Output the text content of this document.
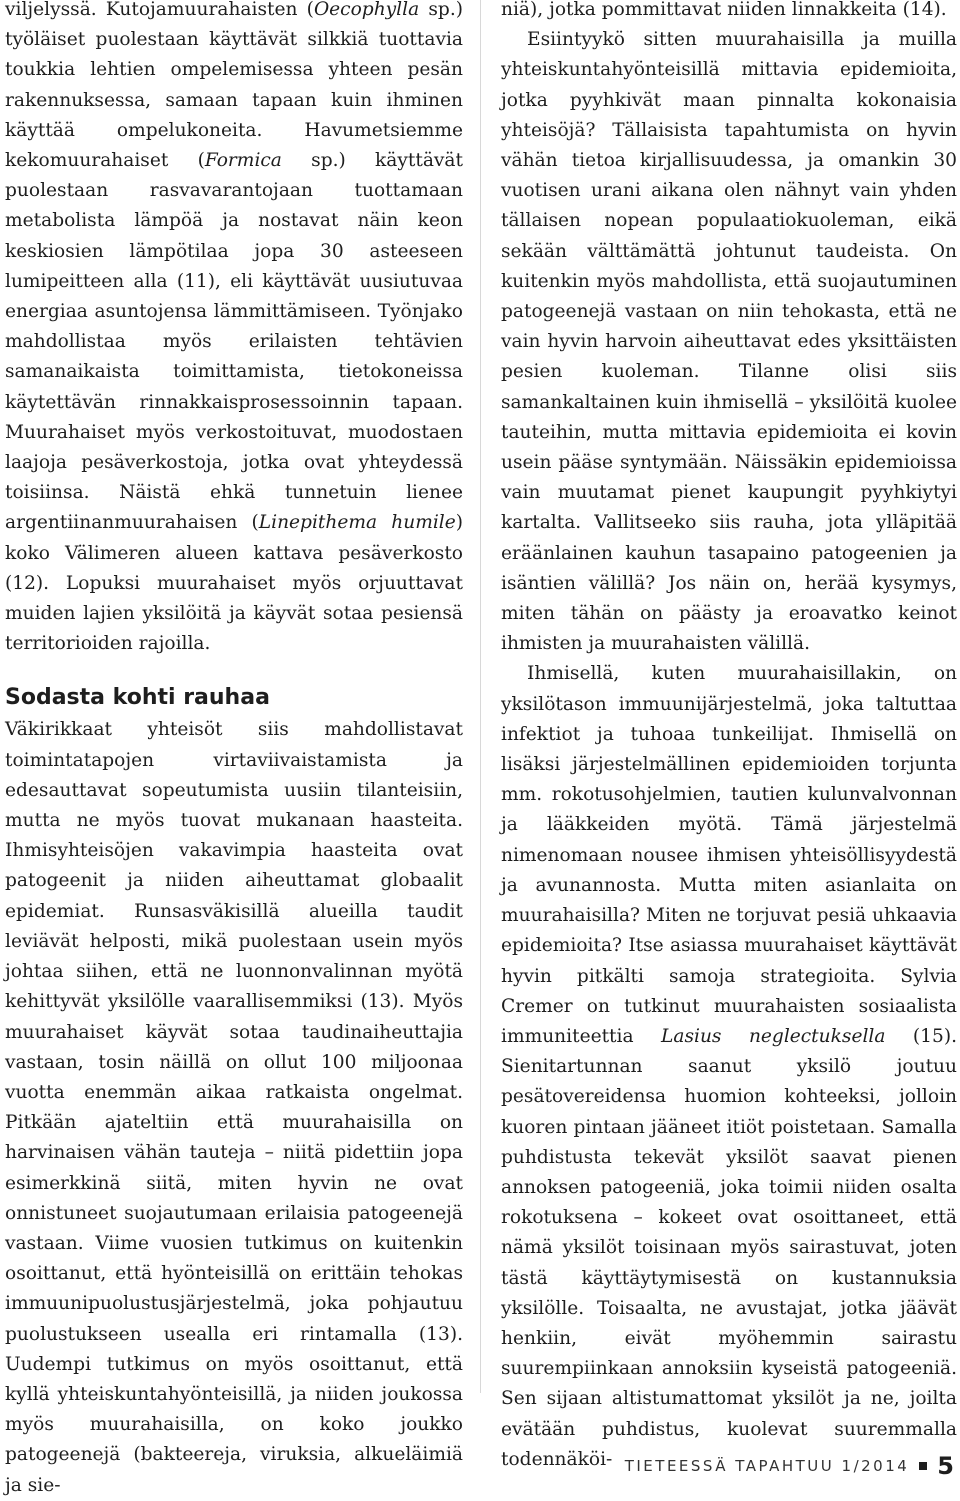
viljelyssä. Kutojamuurahaisten (Oecophylla sp.) työläiset puolestaan käyttävät silkkiä tuottavia toukkia lehtien ompelemisessa yhteen pesän rakennuksessa, samaan tapaan kuin ihminen käyttää ompelukoneita. Havumetsiemme kekomuurahaiset (Formica sp.) käyttävät puolestaan rasvavarantojaan tuottamaan metabolista lämpöä ja nostavat näin keon keskiosien lämpötilaa jopa 30 asteeseen lumipeitteen alla (11), eli käyttävät uusiutuvaa energiaa asuntojensa lämmittämiseen. Työnjako mahdollistaa myös erilaisten tehtävien samanaikaista toimittamista, tietokoneissa käytettävän rinnakkaisprosessoinnin tapaan. Muurahaiset myös verkostoituvat, muodostaen laajoja pesäverkostoja, jotka ovat yhteydessä toisiinsa. Näistä ehkä tunnetuin lienee argentiinanmuurahaisen (Linepithema humile) koko Välimeren alueen kattava pesäverkosto (12). Lopuksi muurahaiset myös orjuuttavat muiden lajien yksilöitä ja käyvät sotaa pesiensä territorioiden rajoilla.

Sodasta kohti rauhaa

Väkirikkaat yhteisöt siis mahdollistavat toimintatapojen virtaviivaistamista ja edesauttavat sopeutumista uusiin tilanteisiin, mutta ne myös tuovat mukanaan haasteita. Ihmisyhteisöjen vakavimpia haasteita ovat patogeenit ja niiden aiheuttamat globaalit epidemiat. Runsasväkisillä alueilla taudit leviävät helposti, mikä puolestaan usein myös johtaa siihen, että ne luonnonvalinnan myötä kehittyvät yksilölle vaarallisemmiksi (13). Myös muurahaiset käyvät sotaa taudinaiheuttajia vastaan, tosin näillä on ollut 100 miljoonaa vuotta enemmän aikaa ratkaista ongelmat. Pitkään ajateltiin että muurahaisilla on harvinaisen vähän tauteja – niitä pidettiin jopa esimerkkinä siitä, miten hyvin ne ovat onnistuneet suojautumaan erilaisia patogeenejä vastaan. Viime vuosien tutkimus on kuitenkin osoittanut, että hyönteisillä on erittäin tehokas immuunipuolustusjärjestelmä, joka pohjautuu puolustukseen usealla eri rintamalla (13). Uudempi tutkimus on myös osoittanut, että kyllä yhteiskuntahyönteisillä, ja niiden joukossa myös muurahaisilla, on koko joukko patogeenejä (bakteereja, viruksia, alkueläimiä ja sie-

niä), jotka pommittavat niiden linnakkeita (14).

Esiintyykö sitten muurahaisilla ja muilla yhteiskuntahyönteisillä mittavia epidemioita, jotka pyyhkivät maan pinnalta kokonaisia yhteisöjä? Tällaisista tapahtumista on hyvin vähän tietoa kirjallisuudessa, ja omankin 30 vuotisen urani aikana olen nähnyt vain yhden tällaisen nopean populaatiokuoleman, eikä sekään välttämättä johtunut taudeista. On kuitenkin myös mahdollista, että suojautuminen patogeenejä vastaan on niin tehokasta, että ne vain hyvin harvoin aiheuttavat edes yksittäisten pesien kuoleman. Tilanne olisi siis samankaltainen kuin ihmisellä – yksilöitä kuolee tauteihin, mutta mittavia epidemioita ei kovin usein pääse syntymään. Näissäkin epidemioissa vain muutamat pienet kaupungit pyyhkiytyi kartalta. Vallitseeko siis rauha, jota ylläpitää eräänlainen kauhun tasapaino patogeenien ja isäntien välillä? Jos näin on, herää kysymys, miten tähän on päästy ja eroavatko keinot ihmisten ja muurahaisten välillä.

Ihmisellä, kuten muurahaisillakin, on yksilötason immuunijärjestelmä, joka taltuttaa infektiot ja tuhoaa tunkeilijat. Ihmisellä on lisäksi järjestelmällinen epidemioiden torjunta mm. rokotusohjelmien, tautien kulunvalvonnan ja lääkkeiden myötä. Tämä järjestelmä nimenomaan nousee ihmisen yhteisöllisyydestä ja avunannosta. Mutta miten asianlaita on muurahaisilla? Miten ne torjuvat pesiä uhkaavia epidemioita? Itse asiassa muurahaiset käyttävät hyvin pitkälti samoja strategioita. Sylvia Cremer on tutkinut muurahaisten sosiaalista immuniteettia Lasius neglectuksella (15). Sienitartunnan saanut yksilö joutuu pesätovereidensa huomion kohteeksi, jolloin kuoren pintaan jääneet itiöt poistetaan. Samalla puhdistusta tekevät yksilöt saavat pienen annoksen patogeeniä, joka toimii niiden osalta rokotuksena – kokeet ovat osoittaneet, että nämä yksilöt toisinaan myös sairastuvat, joten tästä käyttäytymisestä on kustannuksia yksilölle. Toisaalta, ne avustajat, jotka jäävät henkiin, eivät myöhemmin sairastu suurempiinkaan annoksiin kyseistä patogeeniä. Sen sijaan altistumattomat yksilöt ja ne, joilta evätään puhdistus, kuolevat suuremmalla todennäköi- TIETEESSÄ TAPAHTUU 1/2014 5
